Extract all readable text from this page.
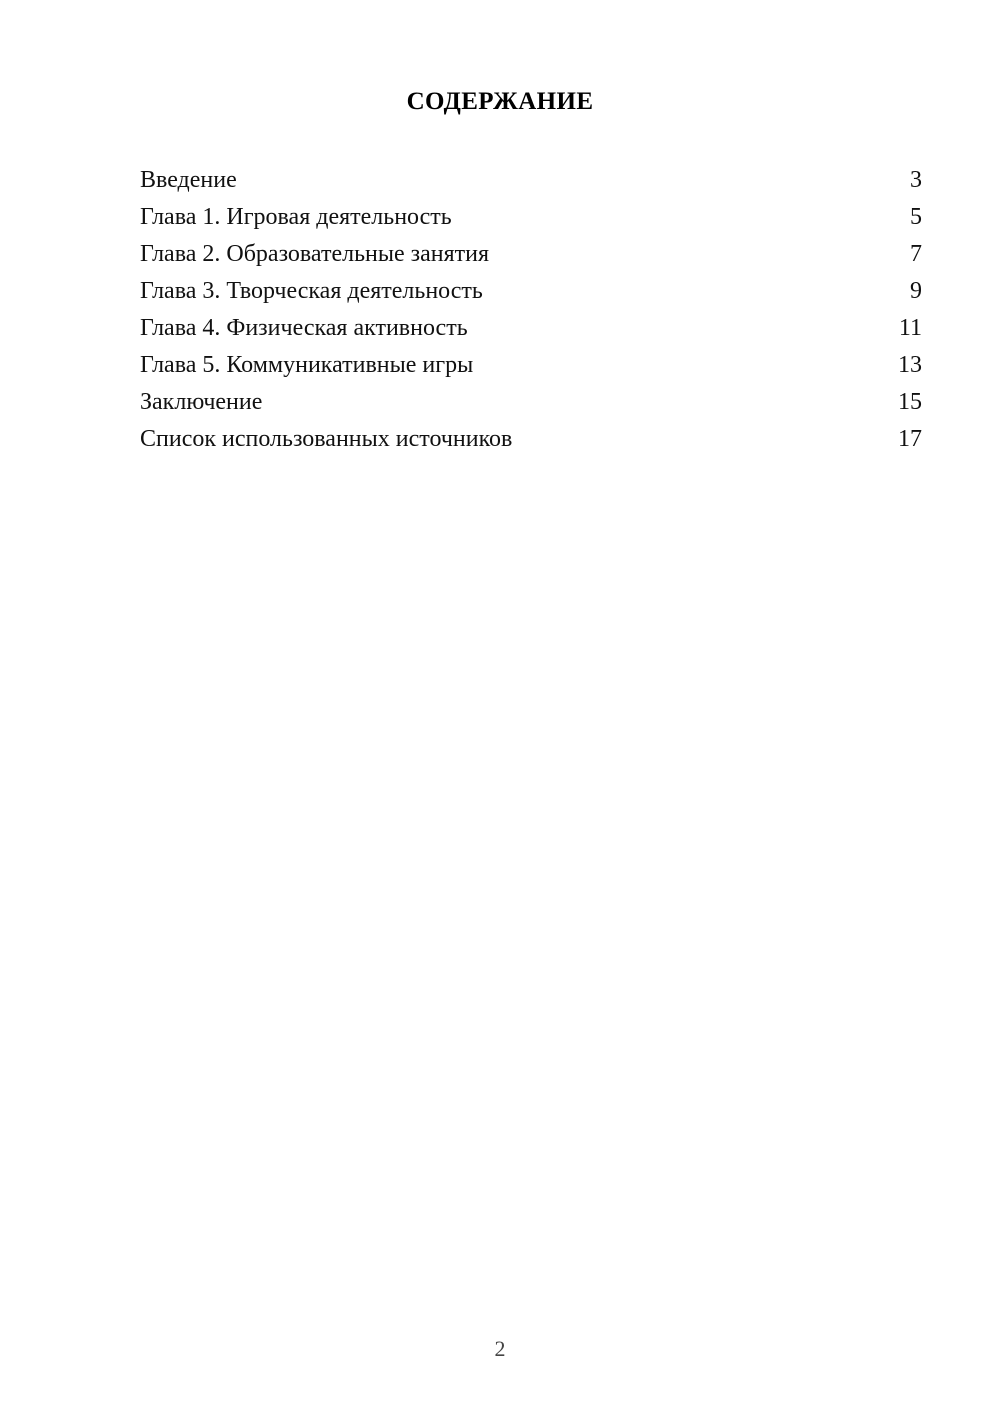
СОДЕРЖАНИЕ
Введение	3
Глава 1. Игровая деятельность	5
Глава 2. Образовательные занятия	7
Глава 3. Творческая деятельность	9
Глава 4. Физическая активность	11
Глава 5. Коммуникативные игры	13
Заключение	15
Список использованных источников	17
2
